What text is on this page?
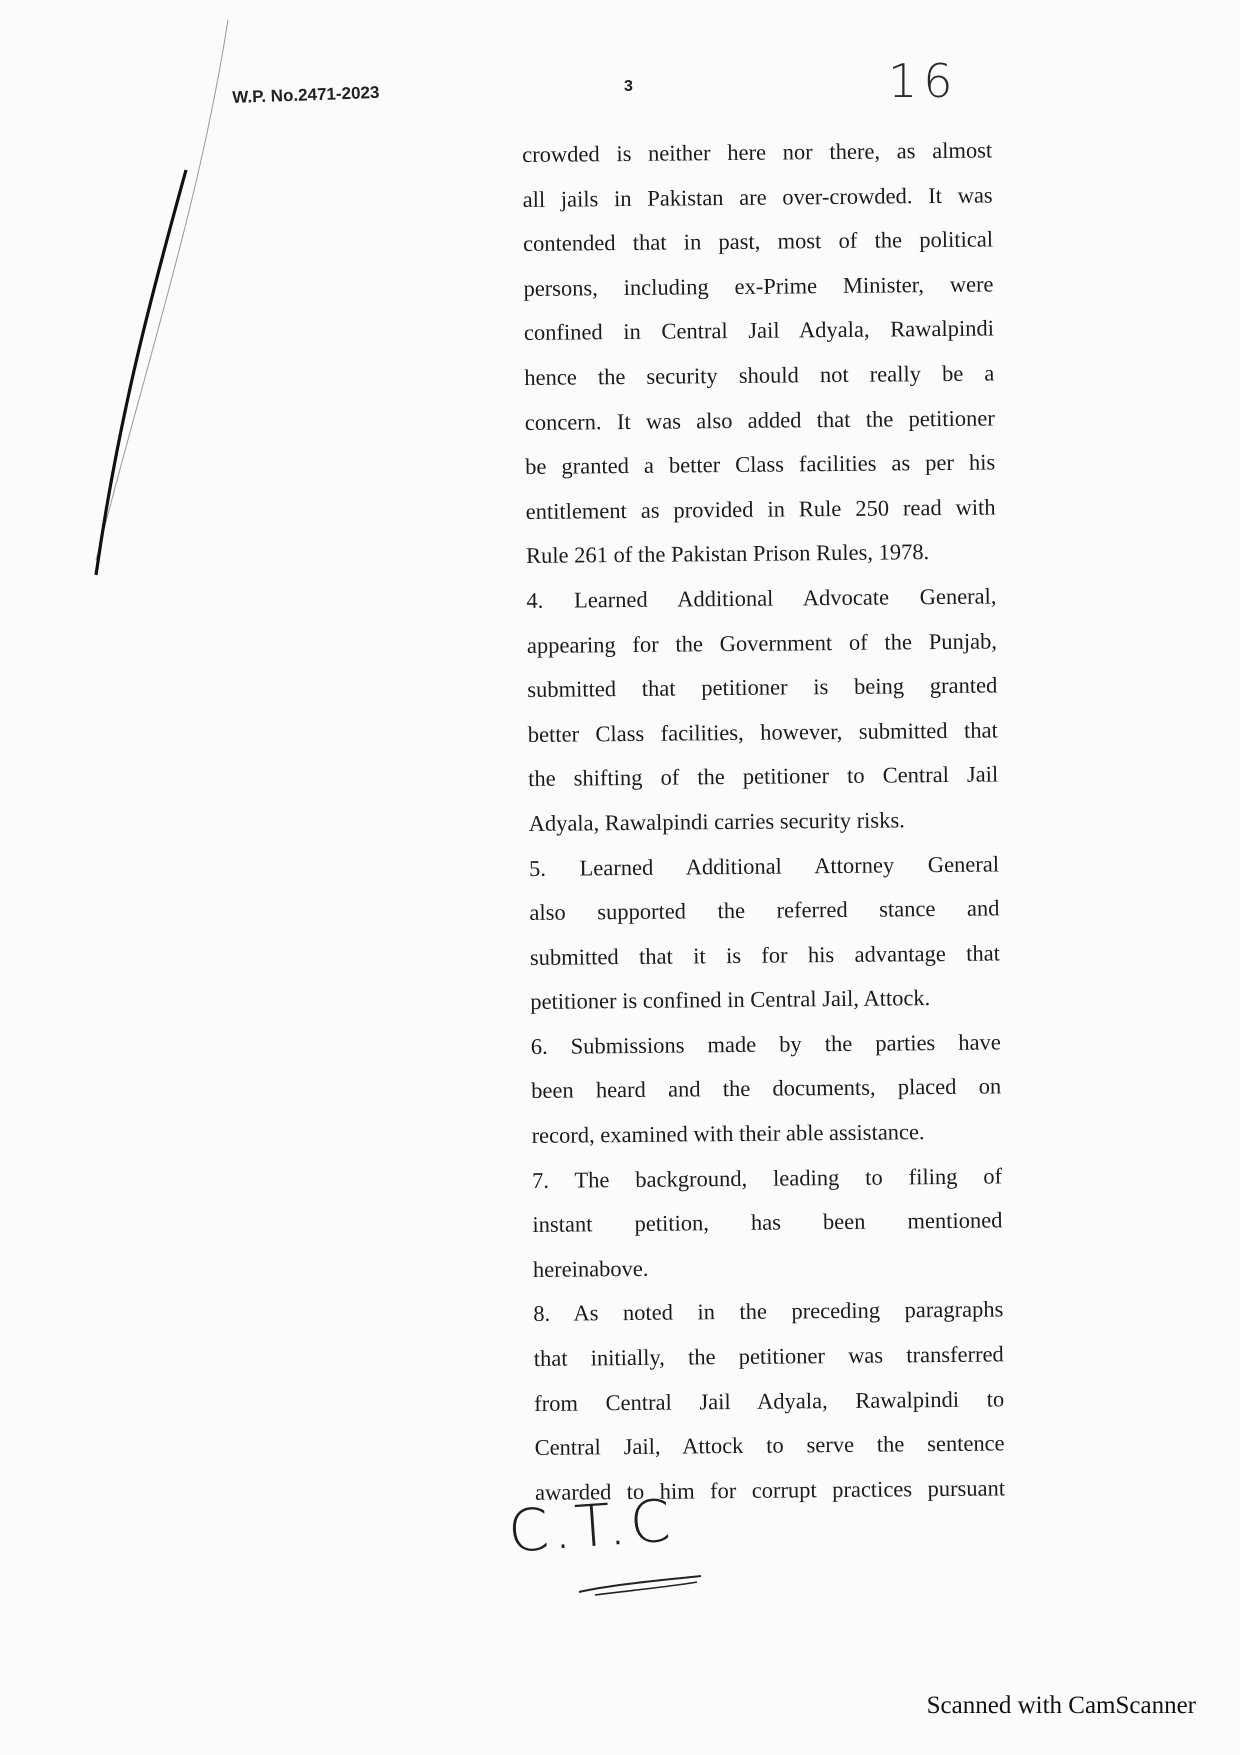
W.P. No.2471-2023	3	16
crowded is neither here nor there, as almost
all jails in Pakistan are over-crowded. It was
contended that in past, most of the political
persons, including ex-Prime Minister, were
confined in Central Jail Adyala, Rawalpindi
hence the security should not really be a
concern. It was also added that the petitioner
be granted a better Class facilities as per his
entitlement as provided in Rule 250 read with
Rule 261 of the Pakistan Prison Rules, 1978.
4. Learned Additional Advocate General,
appearing for the Government of the Punjab,
submitted that petitioner is being granted
better Class facilities, however, submitted that
the shifting of the petitioner to Central Jail
Adyala, Rawalpindi carries security risks.
5. Learned Additional Attorney General
also supported the referred stance and
submitted that it is for his advantage that
petitioner is confined in Central Jail, Attock.
6. Submissions made by the parties have
been heard and the documents, placed on
record, examined with their able assistance.
7. The background, leading to filing of
instant petition, has been mentioned
hereinabove.
8. As noted in the preceding paragraphs
that initially, the petitioner was transferred
from Central Jail Adyala, Rawalpindi to
Central Jail, Attock to serve the sentence
awarded to him for corrupt practices pursuant
C.T.C
Scanned with CamScanner
